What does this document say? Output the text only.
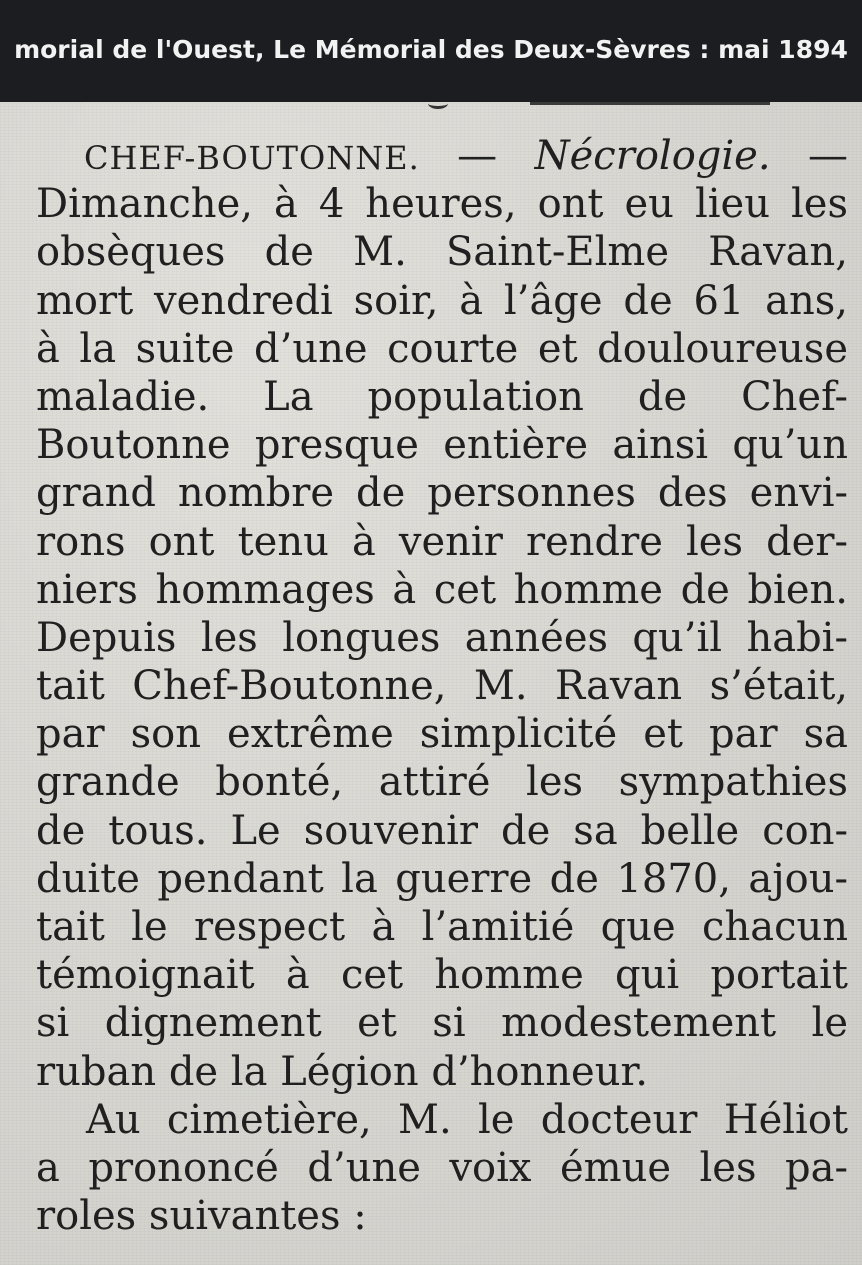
morial de l'Ouest, Le Mémorial des Deux-Sèvres : mai 1894
CHEF-BOUTONNE. — Nécrologie. —
Dimanche, à 4 heures, ont eu lieu les
obsèques de M. Saint-Elme Ravan,
mort vendredi soir, à l’âge de 61 ans,
à la suite d’une courte et douloureuse
maladie. La population de Chef-
Boutonne presque entière ainsi qu’un
grand nombre de personnes des envi-
rons ont tenu à venir rendre les der-
niers hommages à cet homme de bien.
Depuis les longues années qu’il habi-
tait Chef-Boutonne, M. Ravan s’était,
par son extrême simplicité et par sa
grande bonté, attiré les sympathies
de tous. Le souvenir de sa belle con-
duite pendant la guerre de 1870, ajou-
tait le respect à l’amitié que chacun
témoignait à cet homme qui portait
si dignement et si modestement le
ruban de la Légion d’honneur.
Au cimetière, M. le docteur Héliot
a prononcé d’une voix émue les pa-
roles suivantes :
